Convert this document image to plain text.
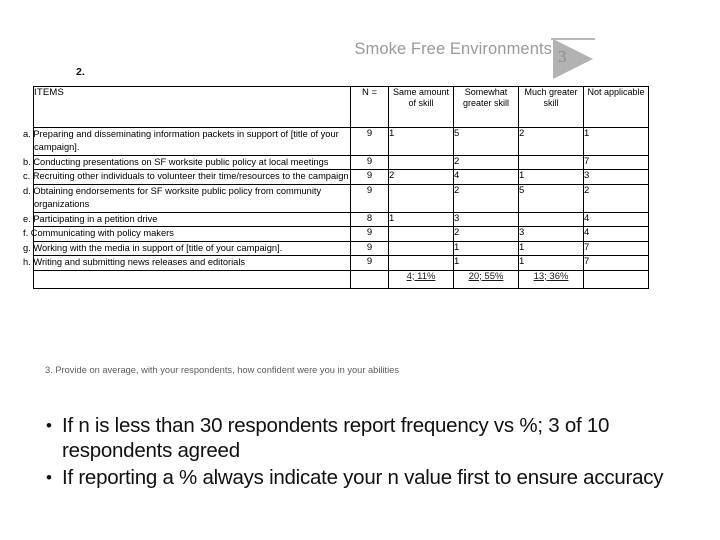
Smoke Free Environments 3
2.
ITEMS	N =	Same amount of skill	Somewhat greater skill	Much greater skill	Not applicable
a. Preparing and disseminating information packets in support of [title of your campaign].	9	1	5	2	1
b. Conducting presentations on SF worksite public policy at local meetings	9		2		7
c. Recruiting other individuals to volunteer their time/resources to the campaign	9	2	4	1	3
d. Obtaining endorsements for SF worksite public policy from community organizations	9		2	5	2
e. Participating in a petition drive	8	1	3		4
f. Communicating with policy makers	9		2	3	4
g. Working with the media in support of [title of your campaign].	9		1	1	7
h. Writing and submitting news releases and editorials	9		1	1	7
		4; 11%	20; 55%	13; 36%	
3. Provide on average, with your respondents, how confident were you in your abilities
• If n is less than 30 respondents report frequency vs %; 3 of 10 respondents agreed
• If reporting a % always indicate your n value first to ensure accuracy
